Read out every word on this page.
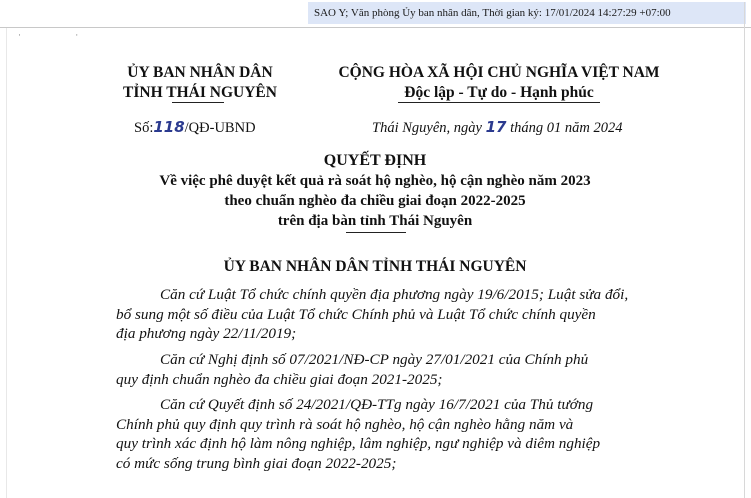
SAO Y; Văn phòng Ủy ban nhân dân, Thời gian ký: 17/01/2024 14:27:29 +07:00
· ·
ỦY BAN NHÂN DÂN
TỈNH THÁI NGUYÊN
CỘNG HÒA XÃ HỘI CHỦ NGHĨA VIỆT NAM
Độc lập - Tự do - Hạnh phúc
Số:118/QĐ-UBND	Thái Nguyên, ngày 17 tháng 01 năm 2024
QUYẾT ĐỊNH
Về việc phê duyệt kết quả rà soát hộ nghèo, hộ cận nghèo năm 2023
theo chuẩn nghèo đa chiều giai đoạn 2022-2025
trên địa bàn tỉnh Thái Nguyên
ỦY BAN NHÂN DÂN TỈNH THÁI NGUYÊN
Căn cứ Luật Tổ chức chính quyền địa phương ngày 19/6/2015; Luật sửa đổi,
bổ sung một số điều của Luật Tổ chức Chính phủ và Luật Tổ chức chính quyền
địa phương ngày 22/11/2019;
Căn cứ Nghị định số 07/2021/NĐ-CP ngày 27/01/2021 của Chính phủ
quy định chuẩn nghèo đa chiều giai đoạn 2021-2025;
Căn cứ Quyết định số 24/2021/QĐ-TTg ngày 16/7/2021 của Thủ tướng
Chính phủ quy định quy trình rà soát hộ nghèo, hộ cận nghèo hằng năm và
quy trình xác định hộ làm nông nghiệp, lâm nghiệp, ngư nghiệp và diêm nghiệp
có mức sống trung bình giai đoạn 2022-2025;
